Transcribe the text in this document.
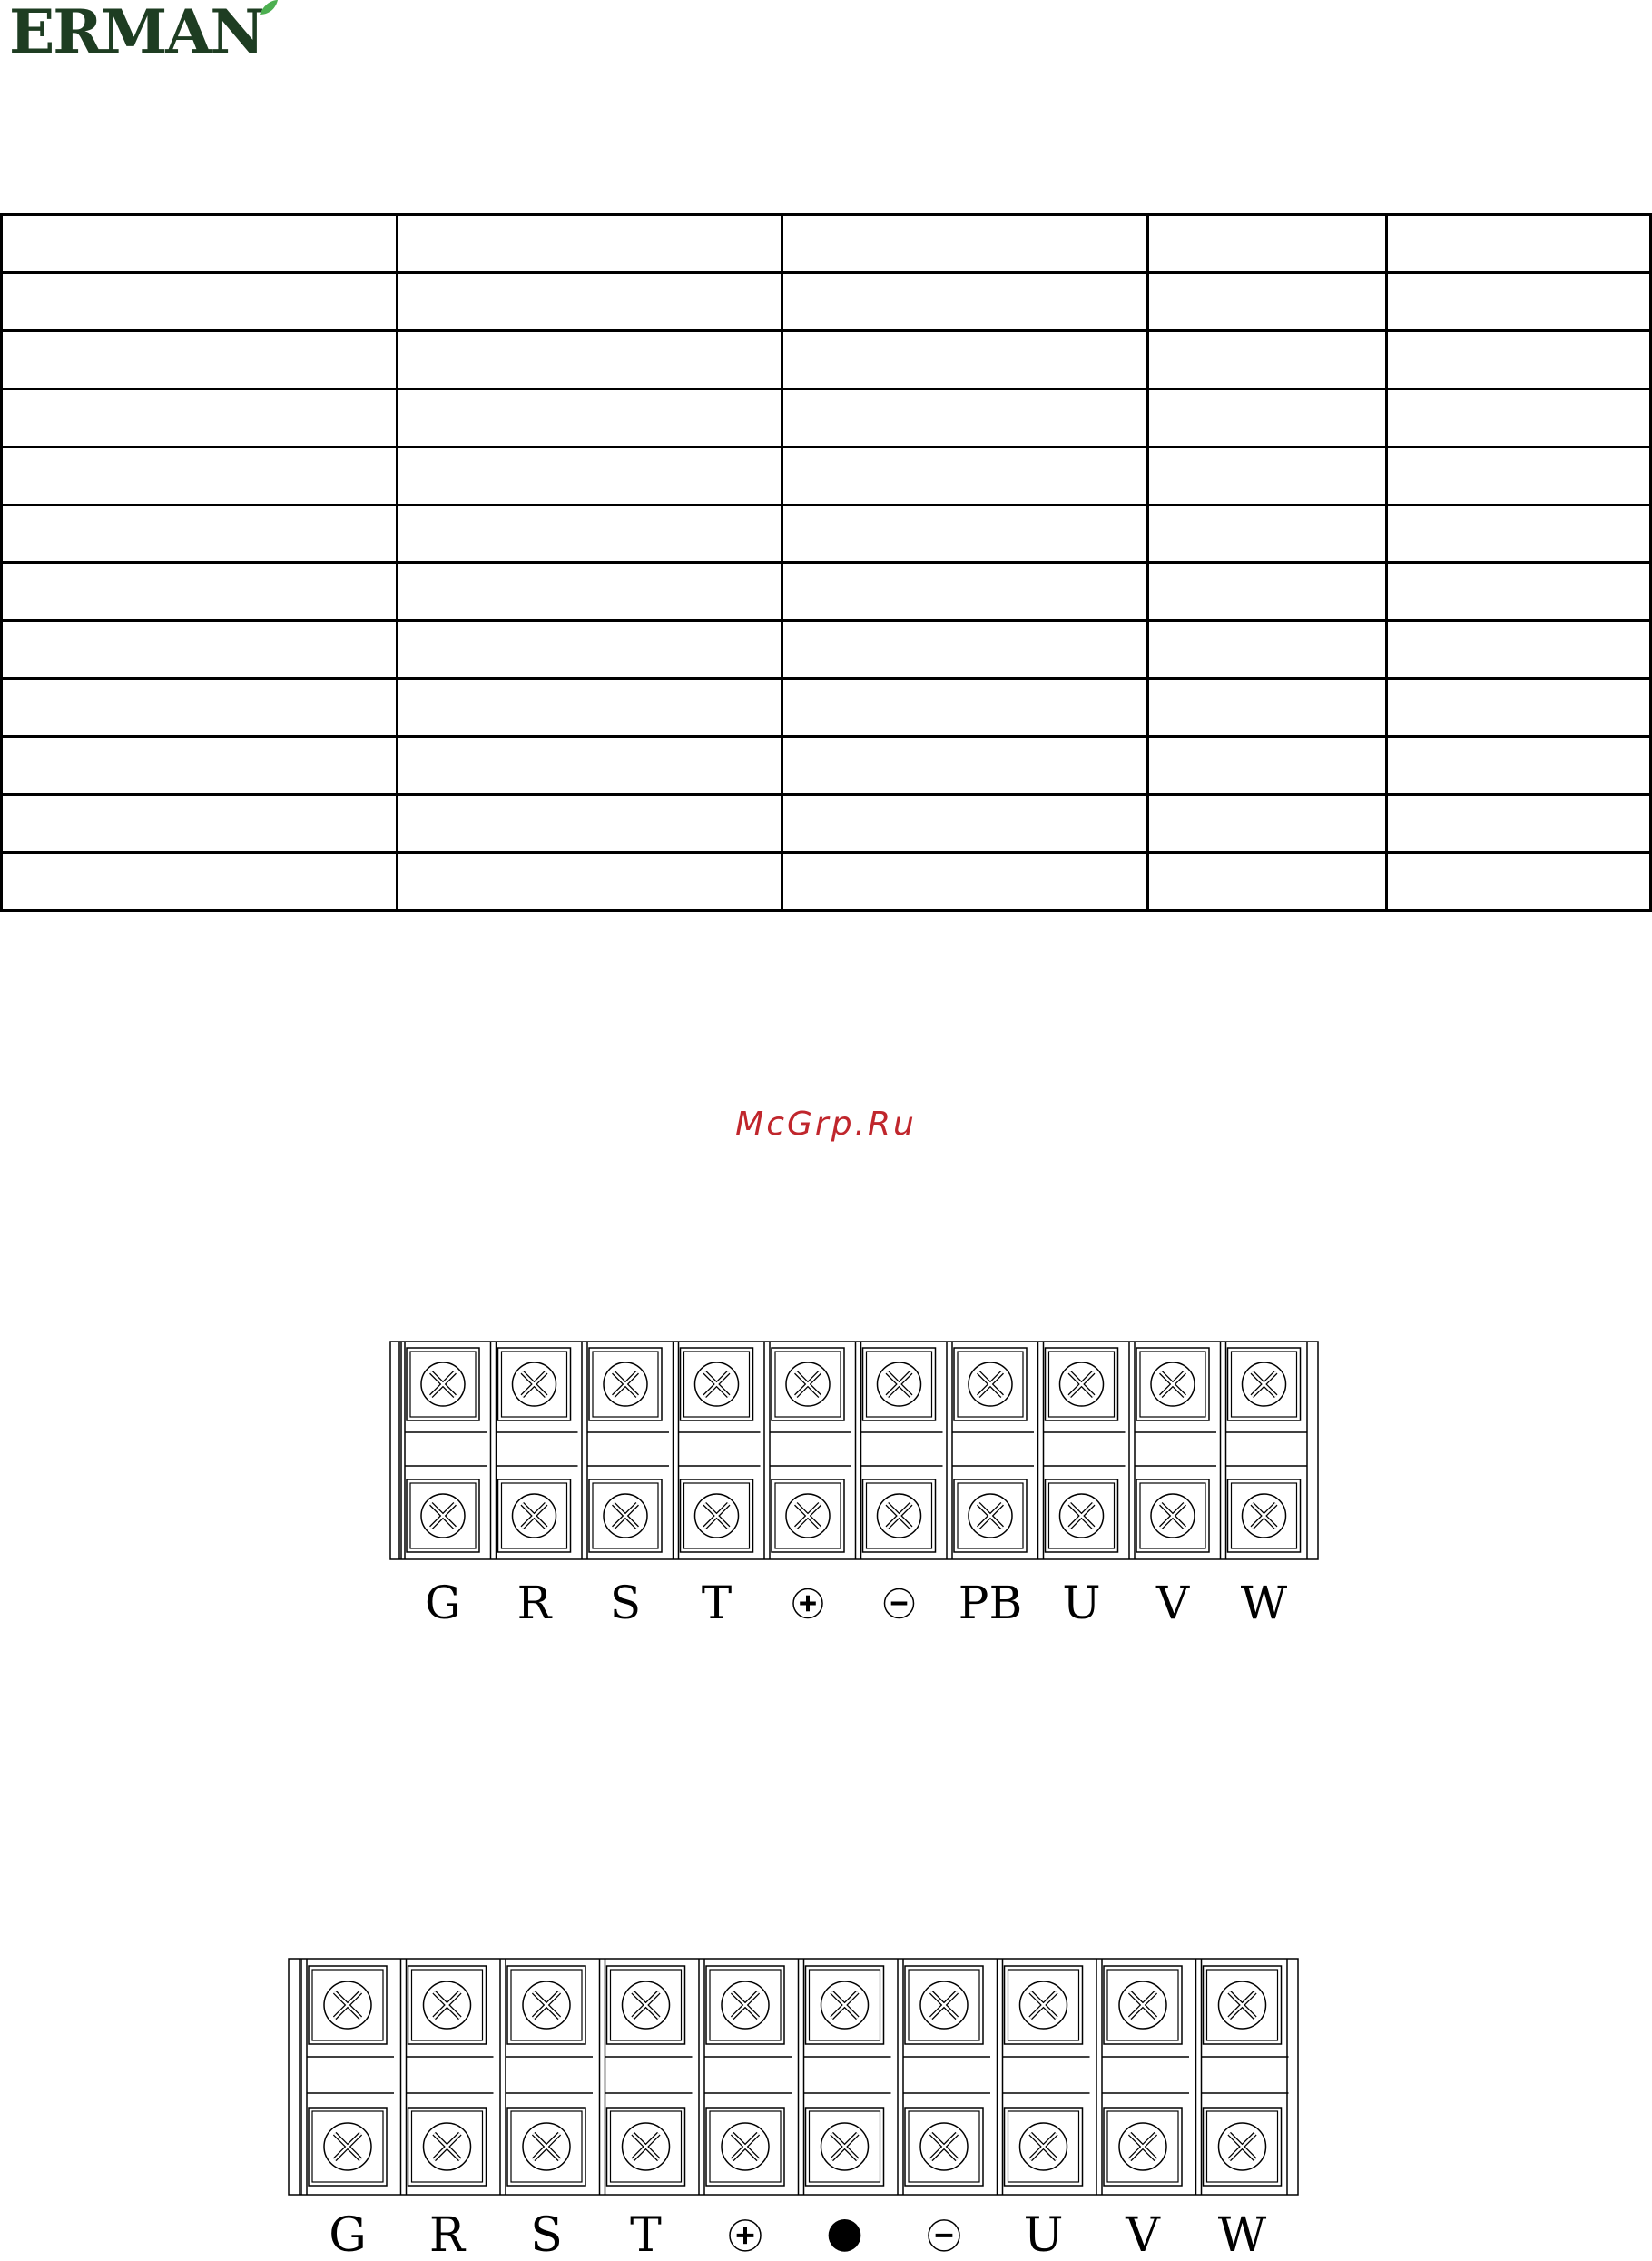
ERMAN

McGrp.Ru
G R S T	PB U V W
G R S T	U V W
